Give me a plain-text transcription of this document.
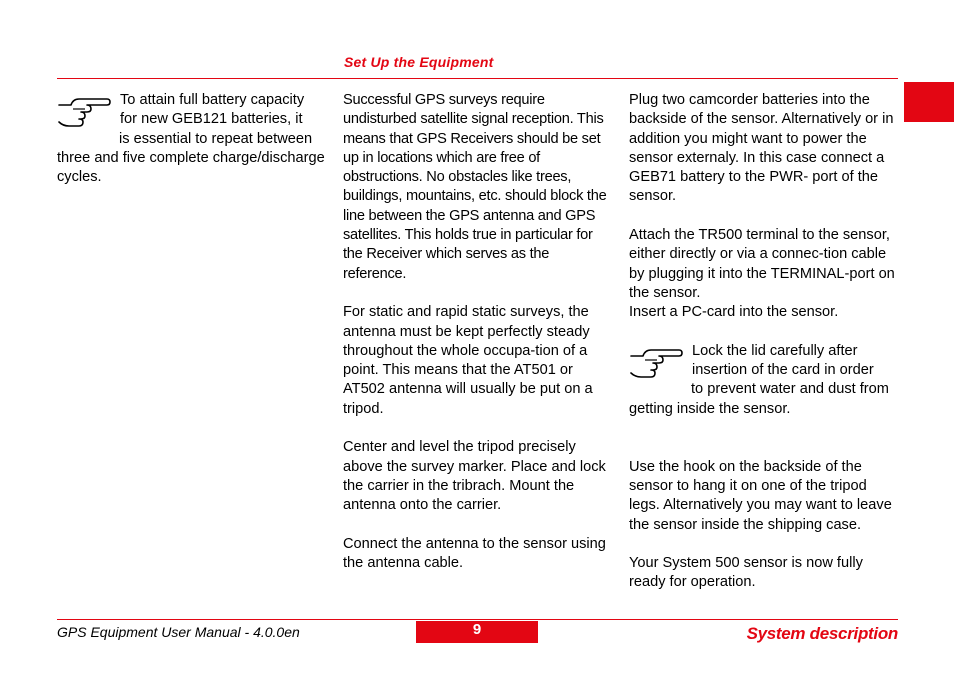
Set Up the Equipment

To attain full battery capacity

for new GEB121 batteries, it

is essential to repeat between three and five complete charge/discharge cycles.

Successful GPS surveys require undisturbed satellite signal reception. This means that GPS Receivers should be set up in locations which are free of obstructions. No obstacles like trees, buildings, mountains, etc. should block the line between the GPS antenna and GPS satellites. This holds true in particular for the Receiver which serves as the reference.

For static and rapid static surveys, the antenna must be kept perfectly steady throughout the whole occupa-tion of a point. This means that the AT501 or AT502 antenna will usually be put on a tripod.

Center and level the tripod precisely above the survey marker. Place and lock the carrier in the tribrach. Mount the antenna onto the carrier.

Connect the antenna to the sensor using the antenna cable.

Plug two camcorder batteries into the backside of the sensor. Alternatively or in addition you might want to power the sensor externaly. In this case connect a GEB71 battery to the PWR- port of the sensor.

Attach the TR500 terminal to the sensor, either directly or via a connec-tion cable by plugging it into the TERMINAL-port on the sensor.

Insert a PC-card into the sensor.

Lock the lid carefully after

insertion of the card in order

to prevent water and dust from getting inside the sensor.

Use the hook on the backside of the sensor to hang it on one of the tripod legs. Alternatively you may want to leave the sensor inside the shipping case.

Your System 500 sensor is now fully ready for operation.

GPS Equipment User Manual - 4.0.0en	9	System description
